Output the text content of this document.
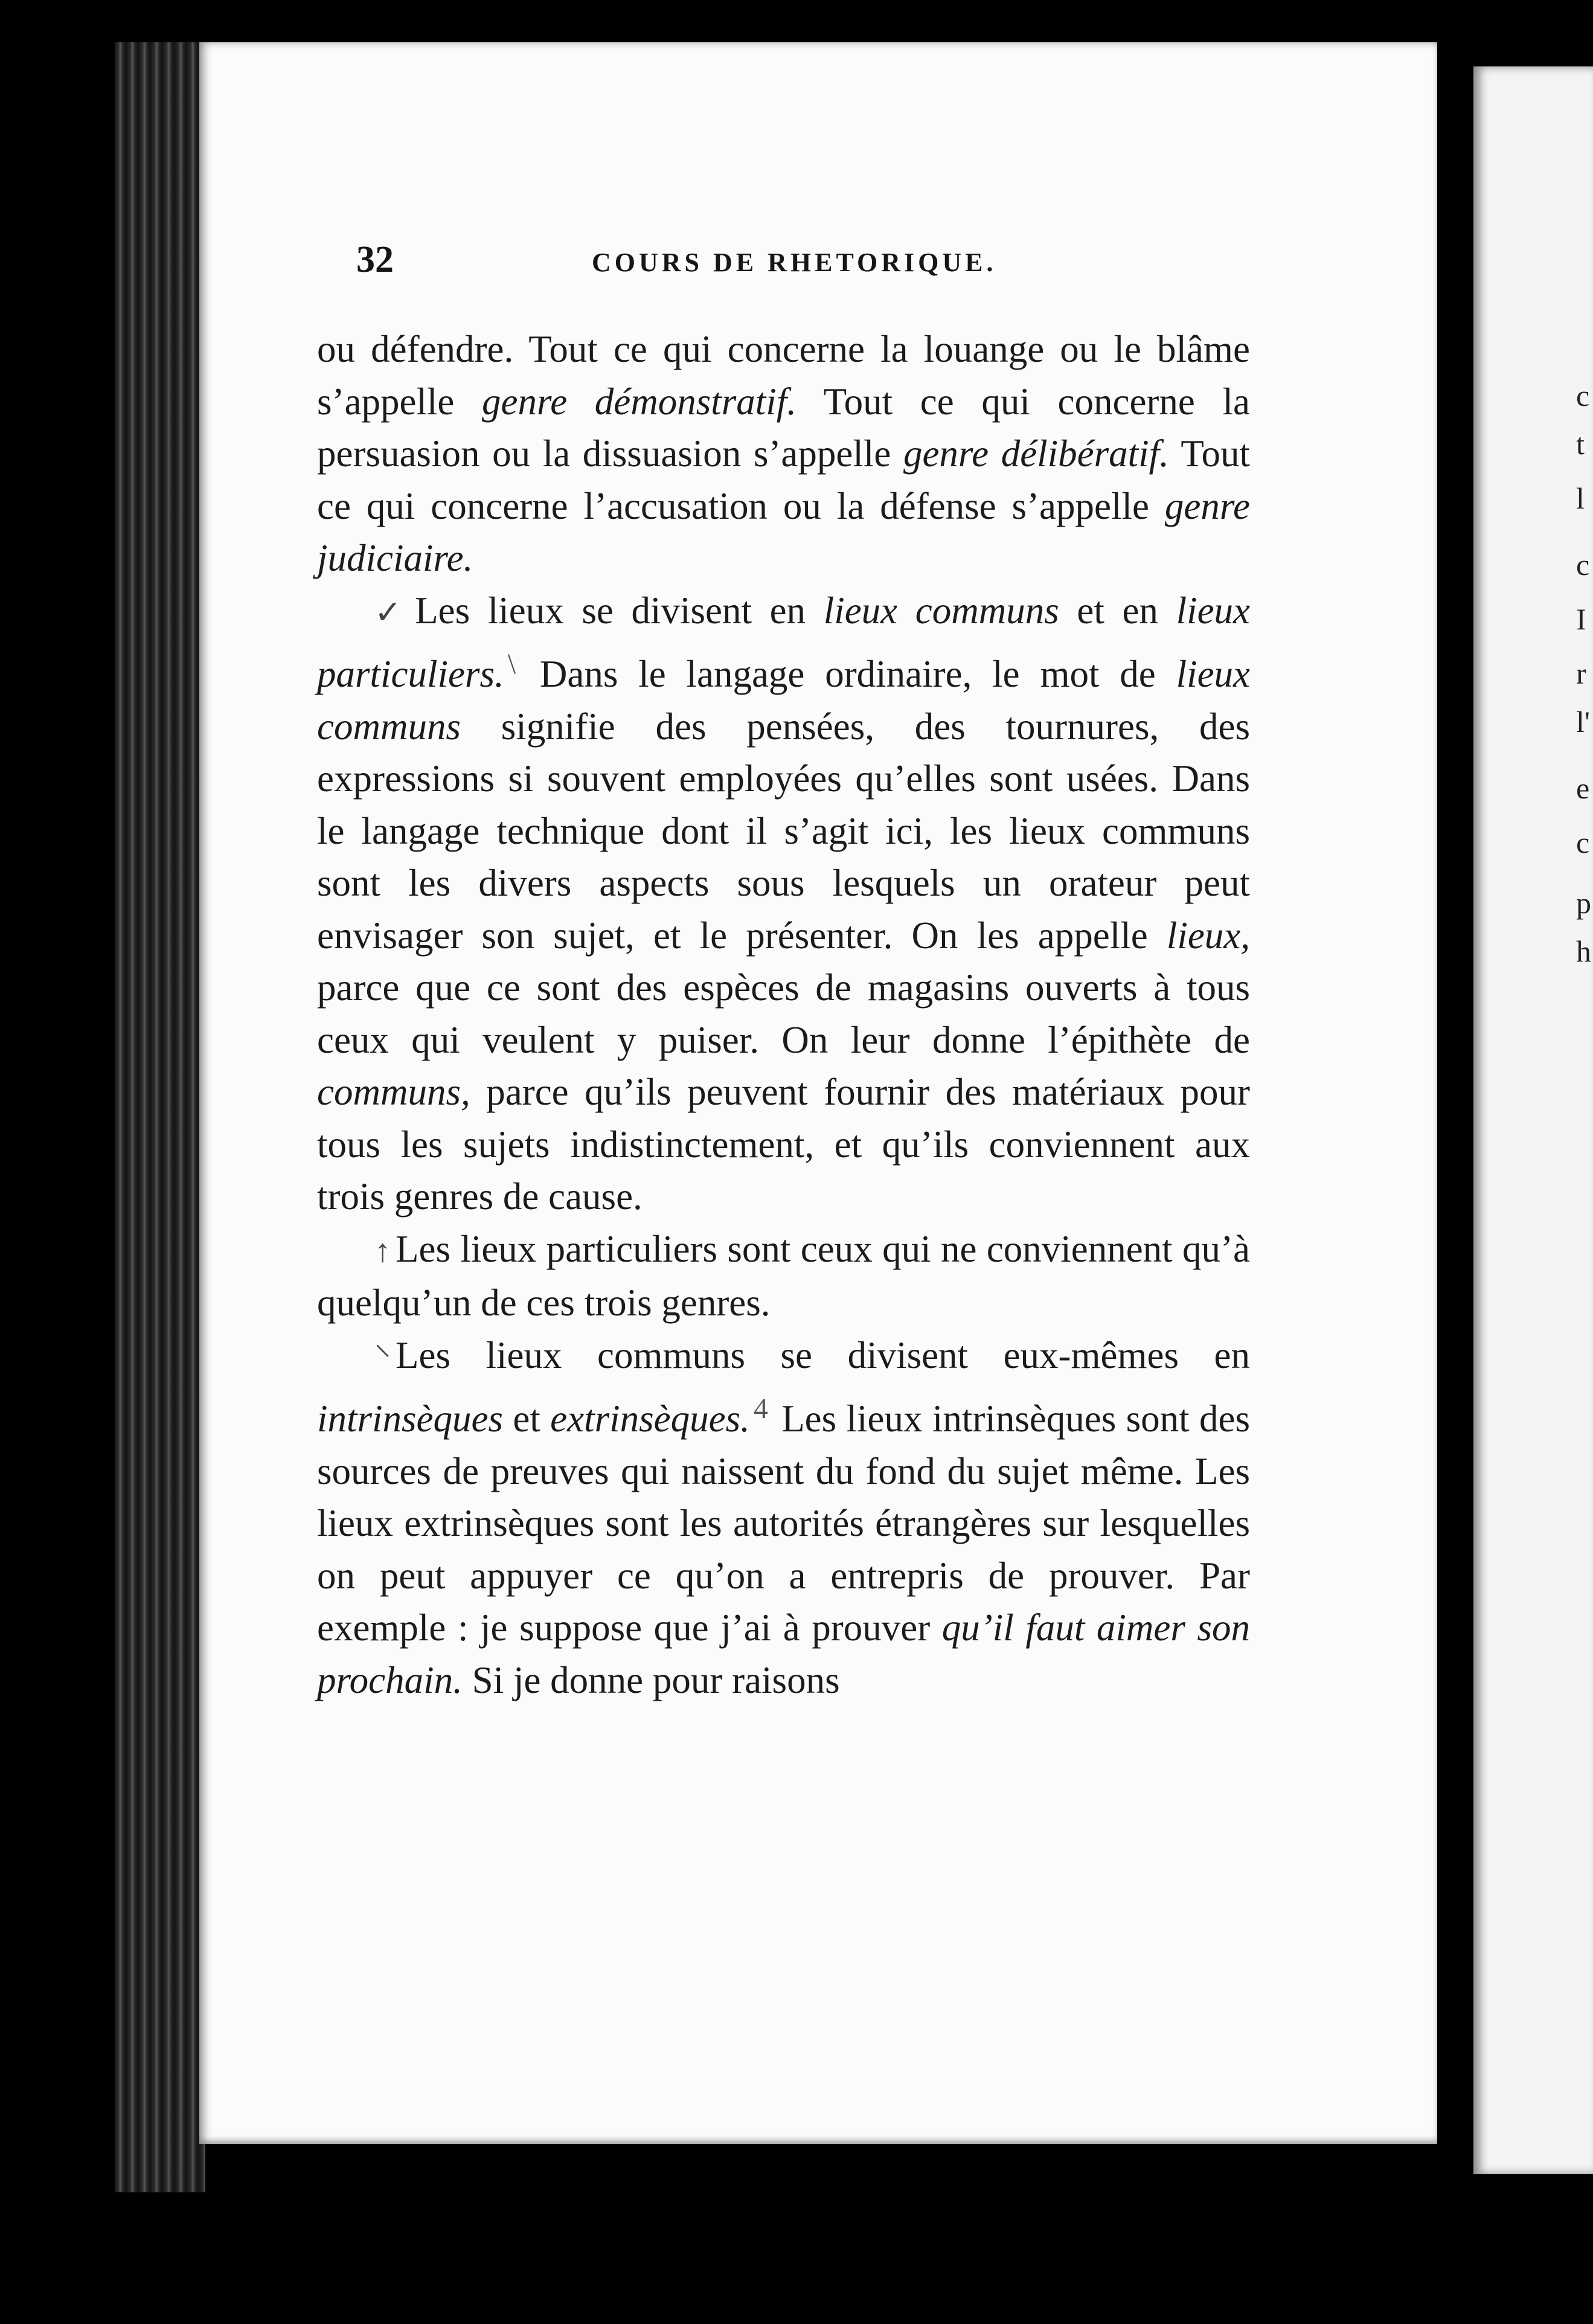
c
t
l
c
I
r
l'
e
c
p
h
32	COURS DE RHETORIQUE.

ou défendre. Tout ce qui concerne la louange ou le blâme s’appelle genre démonstratif. Tout ce qui concerne la persuasion ou la dissuasion s’appelle genre délibératif. Tout ce qui concerne l’accusation ou la défense s’appelle genre judiciaire.

✓ Les lieux se divisent en lieux communs et en lieux particuliers. \ Dans le langage ordinaire, le mot de lieux communs signifie des pensées, des tournures, des expressions si souvent employées qu’elles sont usées. Dans le langage technique dont il s’agit ici, les lieux communs sont les divers aspects sous lesquels un orateur peut envisager son sujet, et le présenter. On les appelle lieux, parce que ce sont des espèces de magasins ouverts à tous ceux qui veulent y puiser. On leur donne l’épithète de communs, parce qu’ils peuvent fournir des matériaux pour tous les sujets indistinctement, et qu’ils conviennent aux trois genres de cause.

↑ Les lieux particuliers sont ceux qui ne conviennent qu’à quelqu’un de ces trois genres.

⸌ Les lieux communs se divisent eux-mêmes en intrinsèques et extrinsèques. $^4$ Les lieux intrinsèques sont des sources de preuves qui naissent du fond du sujet même. Les lieux extrinsèques sont les autorités étrangères sur lesquelles on peut appuyer ce qu’on a entrepris de prouver. Par exemple : je suppose que j’ai à prouver qu’il faut aimer son prochain. Si je donne pour raisons
